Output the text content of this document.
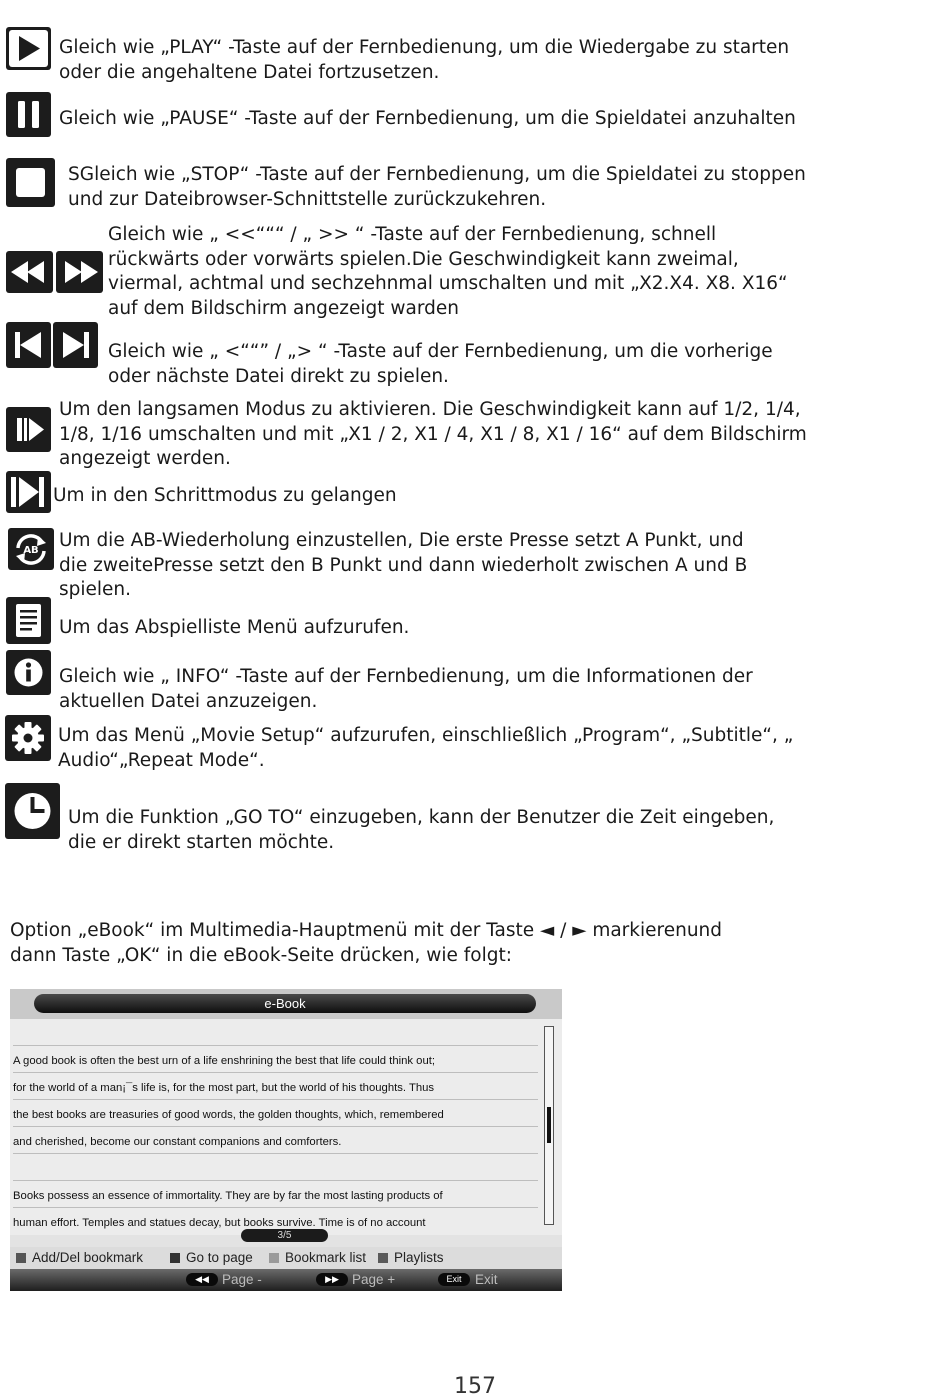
Gleich wie „PLAY“ -Taste auf der Fernbedienung, um die Wiedergabe zu starten
oder die angehaltene Datei fortzusetzen.
Gleich wie „PAUSE“ -Taste auf der Fernbedienung, um die Spieldatei anzuhalten
SGleich wie „STOP“ -Taste auf der Fernbedienung, um die Spieldatei zu stoppen
und zur Dateibrowser-Schnittstelle zurückzukehren.
Gleich wie „ <<“““ / „ >> “ -Taste auf der Fernbedienung, schnell
rückwärts oder vorwärts spielen.Die Geschwindigkeit kann zweimal,
viermal, achtmal und sechzehnmal umschalten und mit „X2.X4. X8. X16“
auf dem Bildschirm angezeigt warden
Gleich wie „ <““” / „> “ -Taste auf der Fernbedienung, um die vorherige
oder nächste Datei direkt zu spielen.
Um den langsamen Modus zu aktivieren. Die Geschwindigkeit kann auf 1/2, 1/4,
1/8, 1/16 umschalten und mit „X1 / 2, X1 / 4, X1 / 8, X1 / 16“ auf dem Bildschirm
angezeigt werden.
Um in den Schrittmodus zu gelangen
AB Um die AB-Wiederholung einzustellen, Die erste Presse setzt A Punkt, und
die zweitePresse setzt den B Punkt und dann wiederholt zwischen A und B
spielen.
Um das Abspielliste Menü aufzurufen.
Gleich wie „ INFO“ -Taste auf der Fernbedienung, um die Informationen der
aktuellen Datei anzuzeigen.
Um das Menü „Movie Setup“ aufzurufen, einschließlich „Program“, „Subtitle“, „
Audio“„Repeat Mode“.
Um die Funktion „GO TO“ einzugeben, kann der Benutzer die Zeit eingeben,
die er direkt starten möchte.
Option „eBook“ im Multimedia-Hauptmenü mit der Taste ◄ / ► markierenund
dann Taste „OK“ in die eBook-Seite drücken, wie folgt:
e-Book
A good book is often the best urn of a life enshrining the best that life could think out;
for the world of a man¡¯s life is, for the most part, but the world of his thoughts. Thus
the best books are treasuries of good words, the golden thoughts, which, remembered
and cherished, become our constant companions and comforters.
Books possess an essence of immortality. They are by far the most lasting products of
human effort. Temples and statues decay, but books survive. Time is of no account
3/5
Add/Del bookmark	Go to page	Bookmark list	Playlists
◀◀ Page -	▶▶ Page +	Exit	Exit
157
